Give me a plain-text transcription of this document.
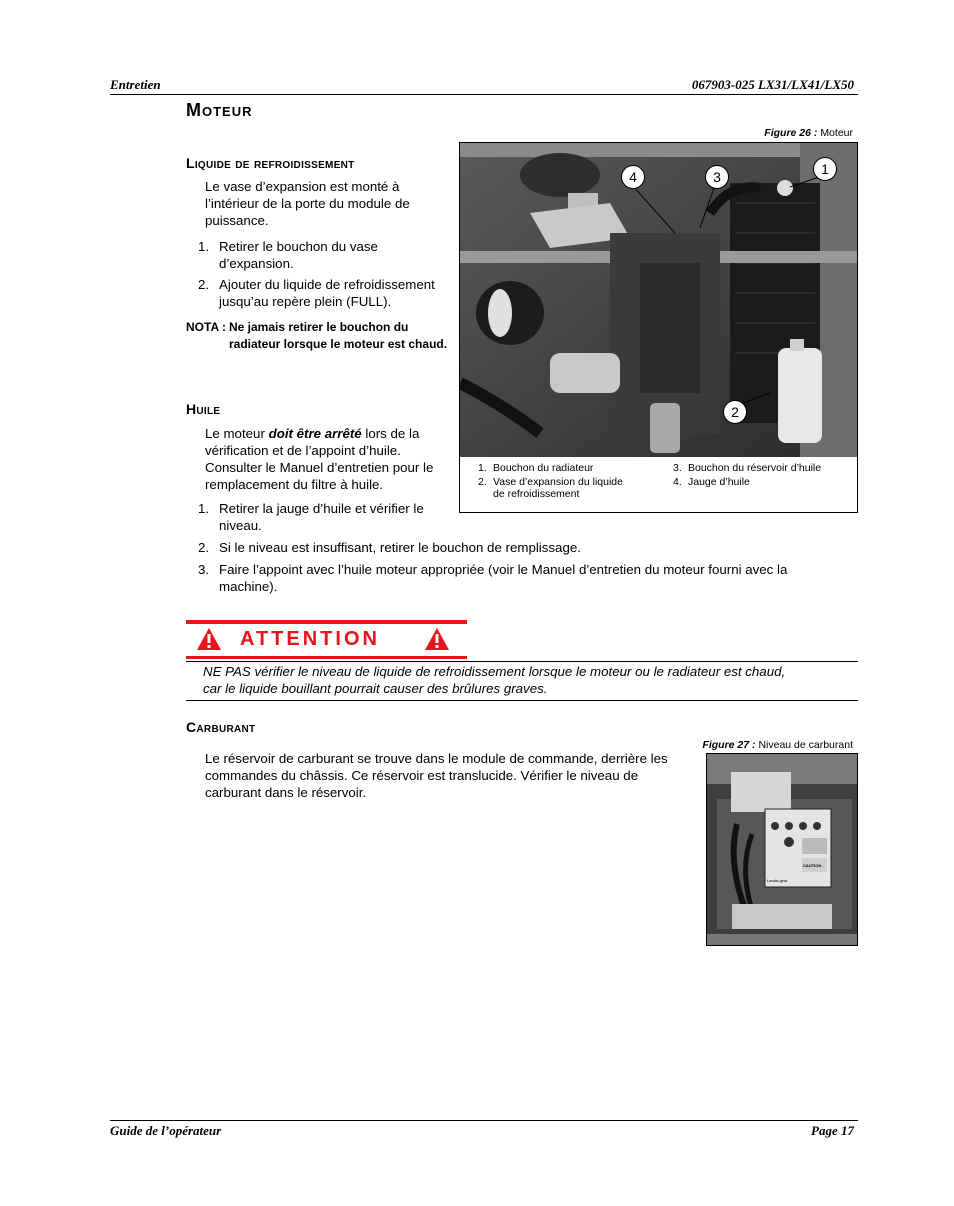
Entretien	067903-025 LX31/LX41/LX50
Moteur
Liquide de refroidissement
Le vase d’expansion est monté à
l’intérieur de la porte du module de
puissance.
1. Retirer le bouchon du vase
d’expansion.
2. Ajouter du liquide de refroidissement
jusqu’au repère plein (FULL).
NOTA : Ne jamais retirer le bouchon du
radiateur lorsque le moteur est chaud.
Huile
Le moteur doit être arrêté lors de la
vérification et de l’appoint d’huile.
Consulter le Manuel d’entretien pour le
remplacement du filtre à huile.
1. Retirer la jauge d’huile et vérifier le
niveau.
2. Si le niveau est insuffisant, retirer le bouchon de remplissage.
3. Faire l’appoint avec l’huile moteur appropriée (voir le Manuel d’entretien du moteur fourni avec la
machine).
Figure 26 : Moteur
1
2
3
4
1. Bouchon du radiateur
2. Vase d’expansion du liquide
de refroidissement
3. Bouchon du réservoir d’huile
4. Jauge d’huile
ATTENTION
NE PAS vérifier le niveau de liquide de refroidissement lorsque le moteur ou le radiateur est chaud,
car le liquide bouillant pourrait causer des brûlures graves.
Carburant
Le réservoir de carburant se trouve dans le module de commande, derrière les
commandes du châssis. Ce réservoir est translucide. Vérifier le niveau de
carburant dans le réservoir.
Figure 27 : Niveau de carburant
CAUTION
Landa-gear
Guide de l’opérateur	Page 17
